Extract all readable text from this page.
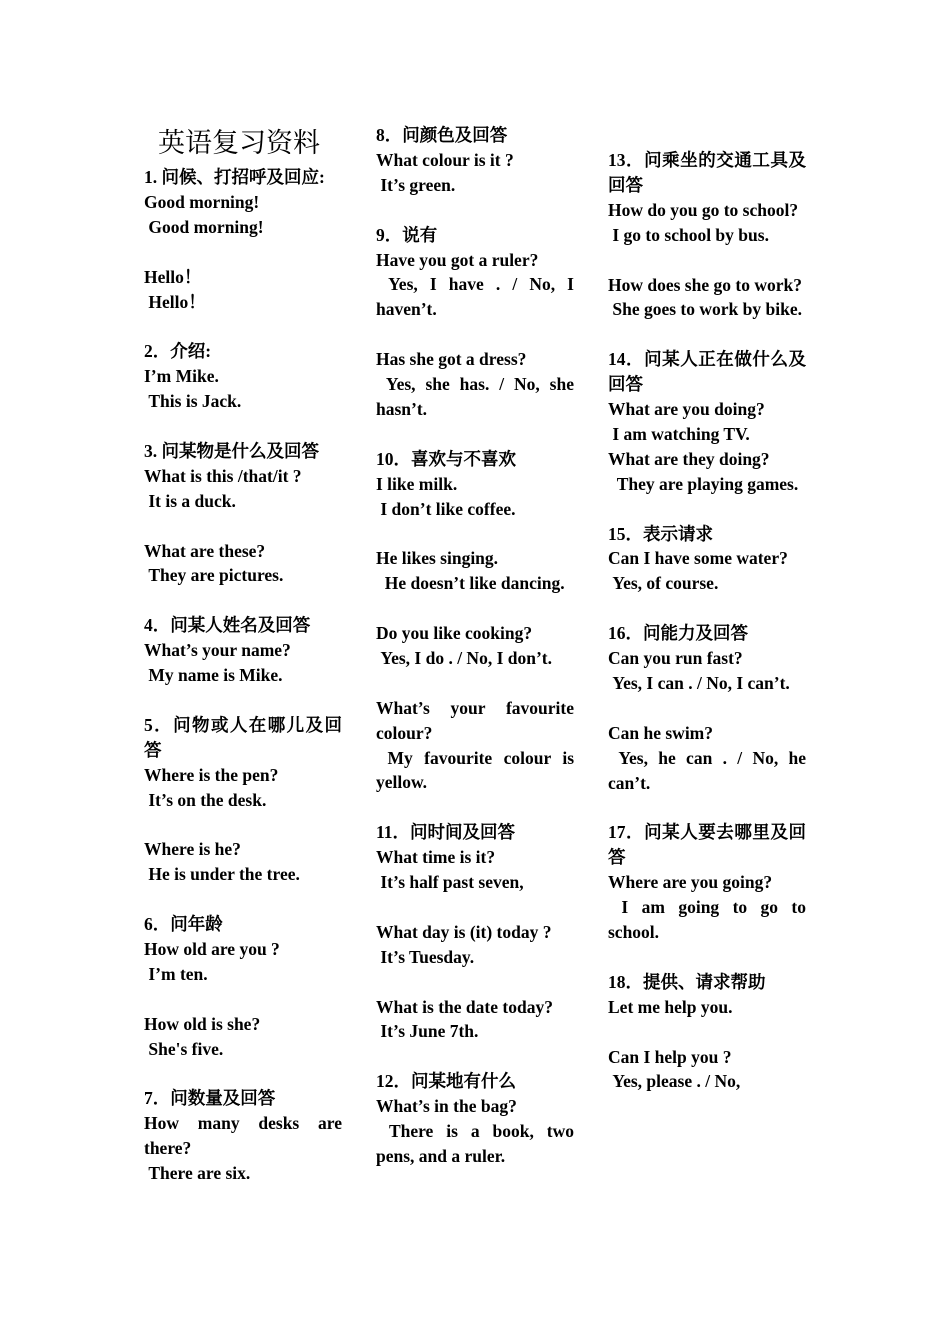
英语复习资料

1. 问候、打招呼及回应:

Good morning!

Good morning!

Hello！

Hello！

2．介绍:

I’m Mike.

This is Jack.

3. 问某物是什么及回答

What is this /that/it ?

It is a duck.

What are these?

They are pictures.

4．问某人姓名及回答

What’s your name?

My name is Mike.

5．问物或人在哪儿及回答

Where is the pen?

It’s on the desk.

Where is he?

He is under the tree.

6．问年龄

How old are you ?

I’m ten.

How old is she?

She's five.

7．问数量及回答

How many desks are there?

There are six.

8．问颜色及回答

What colour is it ?

It’s green.

9．说有

Have you got a ruler?

Yes, I have . / No, I haven’t.

Has she got a dress?

Yes, she has. / No, she hasn’t.

10．喜欢与不喜欢

I like milk.

I don’t like coffee.

He likes singing.

He doesn’t like dancing.

Do you like cooking?

Yes, I do . / No, I don’t.

What’s your favourite colour?

My favourite colour is yellow.

11．问时间及回答

What time is it?

It’s half past seven,

What day is (it) today ?

It’s Tuesday.

What is the date today?

It’s June 7th.

12．问某地有什么

What’s in the bag?

There is a book, two pens, and a ruler.

13．问乘坐的交通工具及回答

How do you go to school?

I go to school by bus.

How does she go to work?

She goes to work by bike.

14．问某人正在做什么及回答

What are you doing?

I am watching TV.

What are they doing?

They are playing games.

15．表示请求

Can I have some water?

Yes, of course.

16．问能力及回答

Can you run fast?

Yes, I can . / No, I can’t.

Can he swim?

Yes, he can . / No, he can’t.

17．问某人要去哪里及回答

Where are you going?

I am going to go to school.

18．提供、请求帮助

Let me help you.

Can I help you ?

Yes, please . / No,
